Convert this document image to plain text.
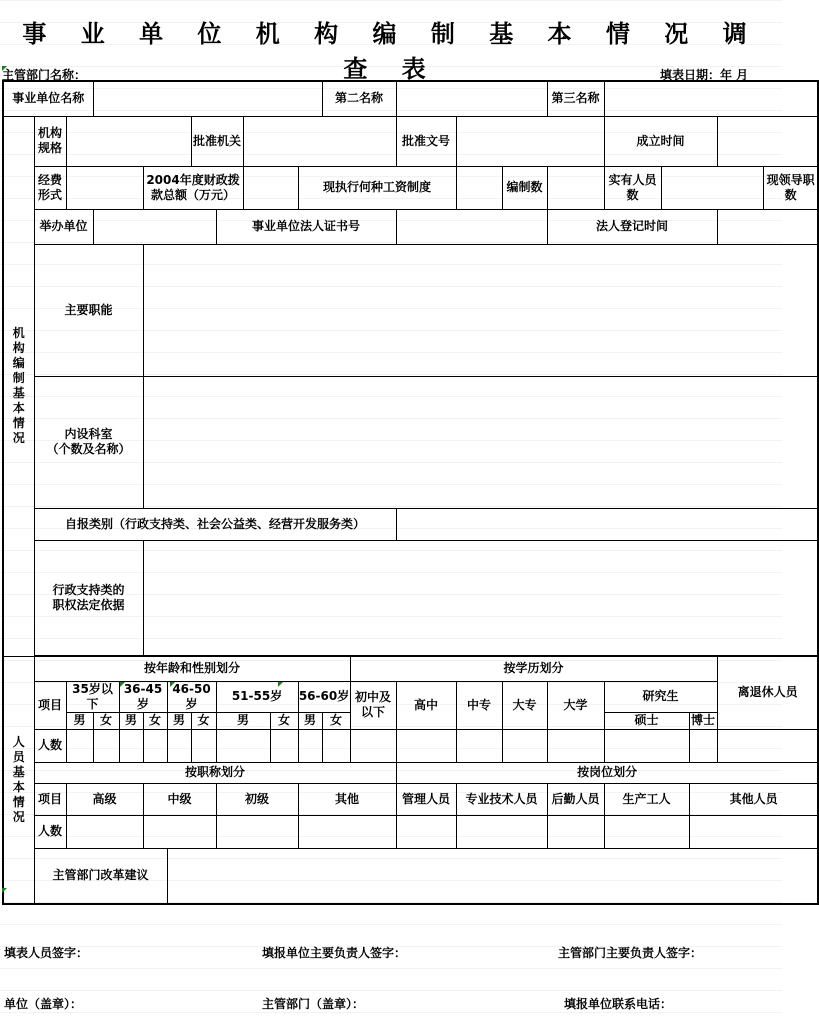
事 业 单 位 机 构 编 制 基 本 情 况 调 查 表
主管部门名称：	填表日期：年 月
事业单位名称												第二名称					第三名称						

机构编制基本情况	机构规格						批准机关							批准文号				成立时间					
	经费形式				2004年度财政拨款总额（万元）						现执行何种工资制度					编制数		实有人员数				现领导职数	
	举办单位							事业单位法人证书号									法人登记时间						
	主要职能																						

	内设科室
（个数及名称）																						

	自报类别（行政支持类、社会公益类、经营开发服务类）																						

	行政支持类的
职权法定依据																						

人员基本情况	按年龄和性别划分												按学历划分								离退休人员		
	项目	35岁以下		36-45岁		46-50岁		51-55岁			56-60岁		初中及以下	高中	中专	大专	大学	研究生					
		男	女	男	女	男	女	男		女	男	女						硕士		博士			
	人数																						
	按职称划分													按岗位划分									
	项目	高级			中级			初级			其他			管理人员	专业技术人员		后勤人员	生产工人		其他人员			
	人数																						
	主管部门改革建议																						
填表人员签字：	填报单位主要负责人签字：	主管部门主要负责人签字：
单位（盖章）：	主管部门（盖章）：	填报单位联系电话：
